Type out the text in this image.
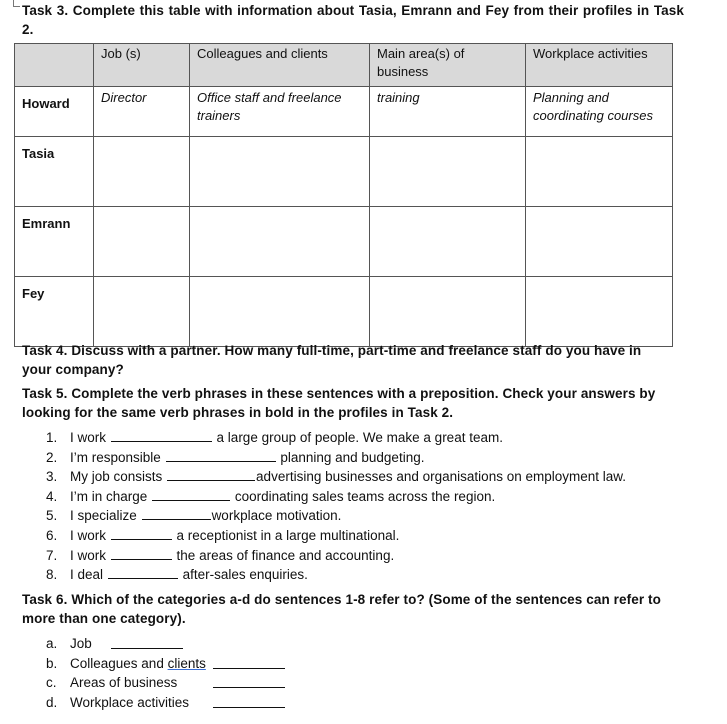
Task 3. Complete this table with information about Tasia, Emrann and Fey from their profiles in Task 2.
	Job (s)	Colleagues and clients	Main area(s) of business	Workplace activities
Howard	Director	Office staff and freelance trainers	training	Planning and coordinating courses
Tasia				
Emrann				
Fey				
Task 4. Discuss with a partner. How many full-time, part-time and freelance staff do you have in your company?
Task 5. Complete the verb phrases in these sentences with a preposition. Check your answers by looking for the same verb phrases in bold in the profiles in Task 2.
1. I work	a large group of people. We make a great team.
2. I’m responsible	planning and budgeting.
3. My job consists	advertising businesses and organisations on employment law.
4. I’m in charge	coordinating sales teams across the region.
5. I specialize	workplace motivation.
6. I work	a receptionist in a large multinational.
7. I work	the areas of finance and accounting.
8. I deal	after-sales enquiries.
Task 6. Which of the categories a-d do sentences 1-8 refer to? (Some of the sentences can refer to more than one category).
a. Job
b. Colleagues and clients
c. Areas of business
d. Workplace activities
